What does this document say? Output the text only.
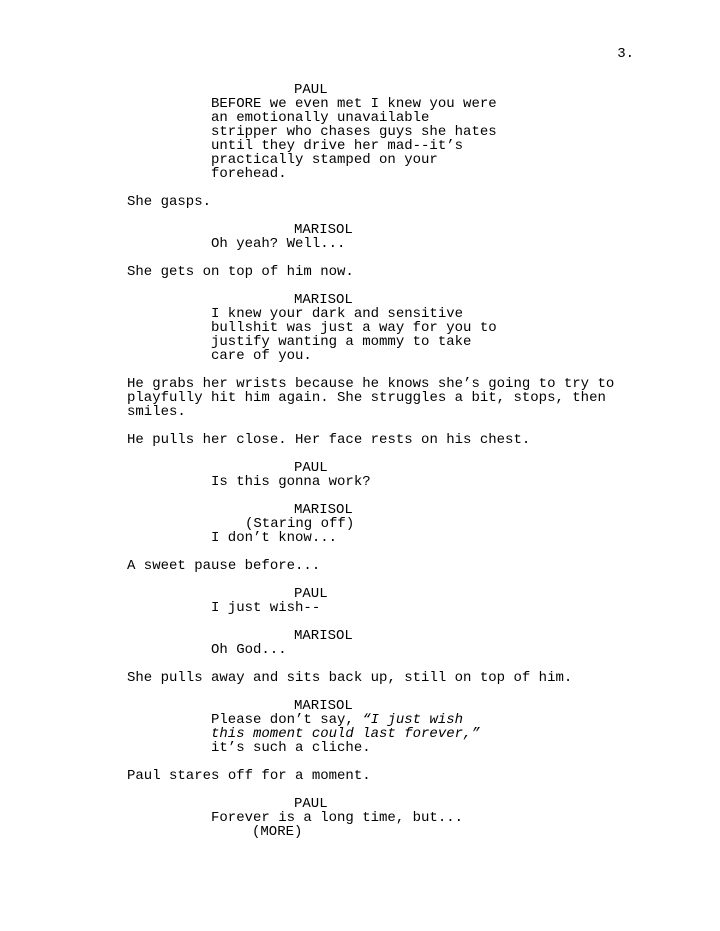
3.
PAUL
BEFORE we even met I knew you were
an emotionally unavailable
stripper who chases guys she hates
until they drive her mad--it’s
practically stamped on your
forehead.
She gasps.
MARISOL
Oh yeah? Well...
She gets on top of him now.
MARISOL
I knew your dark and sensitive
bullshit was just a way for you to
justify wanting a mommy to take
care of you.
He grabs her wrists because he knows she’s going to try to
playfully hit him again. She struggles a bit, stops, then
smiles.
He pulls her close. Her face rests on his chest.
PAUL
Is this gonna work?
MARISOL
(Staring off)
I don’t know...
A sweet pause before...
PAUL
I just wish--
MARISOL
Oh God...
She pulls away and sits back up, still on top of him.
MARISOL
Please don’t say, “I just wish
this moment could last forever,”
it’s such a cliche.
Paul stares off for a moment.
PAUL
Forever is a long time, but...
(MORE)
